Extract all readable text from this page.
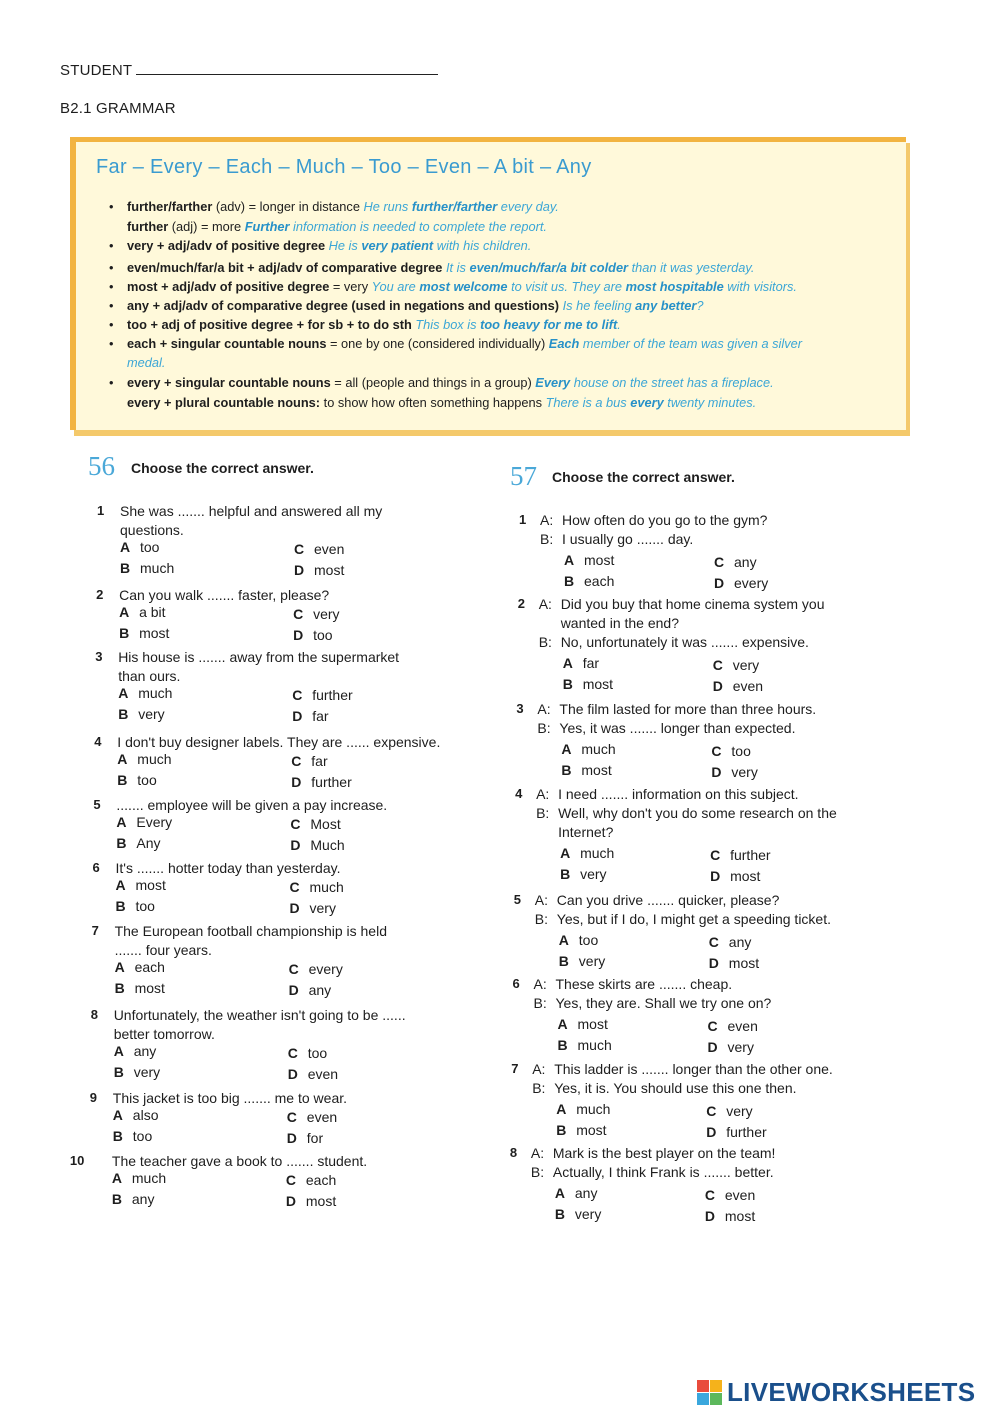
STUDENT
B2.1 GRAMMAR
Far – Every – Each – Much – Too – Even – A bit – Any
• further/farther (adv) = longer in distance He runs further/farther every day.
further (adj) = more Further information is needed to complete the report.
• very + adj/adv of positive degree He is very patient with his children.
• even/much/far/a bit + adj/adv of comparative degree It is even/much/far/a bit colder than it was yesterday.
• most + adj/adv of positive degree = very You are most welcome to visit us. They are most hospitable with visitors.
• any + adj/adv of comparative degree (used in negations and questions) Is he feeling any better?
• too + adj of positive degree + for sb + to do sth This box is too heavy for me to lift.
• each + singular countable nouns = one by one (considered individually) Each member of the team was given a silver
medal.
• every + singular countable nouns = all (people and things in a group) Every house on the street has a fireplace.
every + plural countable nouns: to show how often something happens There is a bus every twenty minutes.
56 Choose the correct answer.
1 She was ....... helpful and answered all my
questions.
A too
B much
C even
D most
2 Can you walk ....... faster, please?
A a bit
B most
C very
D too
3 His house is ....... away from the supermarket
than ours.
A much
B very
C further
D far
4 I don't buy designer labels. They are ...... expensive.
A much
B too
C far
D further
5 ....... employee will be given a pay increase.
A Every
B Any
C Most
D Much
6 It's ....... hotter today than yesterday.
A most
B too
C much
D very
7 The European football championship is held
....... four years.
A each
B most
C every
D any
8 Unfortunately, the weather isn't going to be ......
better tomorrow.
A any
B very
C too
D even
9 This jacket is too big ....... me to wear.
A also
B too
C even
D for
10 The teacher gave a book to ....... student.
A much
B any
C each
D most
57 Choose the correct answer.
1 A: How often do you go to the gym?
B: I usually go ....... day.
A most
B each
C any
D every
2 A: Did you buy that home cinema system you
wanted in the end?
B: No, unfortunately it was ....... expensive.
A far
B most
C very
D even
3 A: The film lasted for more than three hours.
B: Yes, it was ....... longer than expected.
A much
B most
C too
D very
4 A: I need ....... information on this subject.
B: Well, why don't you do some research on the
Internet?
A much
B very
C further
D most
5 A: Can you drive ....... quicker, please?
B: Yes, but if I do, I might get a speeding ticket.
A too
B very
C any
D most
6 A: These skirts are ....... cheap.
B: Yes, they are. Shall we try one on?
A most
B much
C even
D very
7 A: This ladder is ....... longer than the other one.
B: Yes, it is. You should use this one then.
A much
B most
C very
D further
8 A: Mark is the best player on the team!
B: Actually, I think Frank is ....... better.
A any
B very
C even
D most
LIVEWORKSHEETS
